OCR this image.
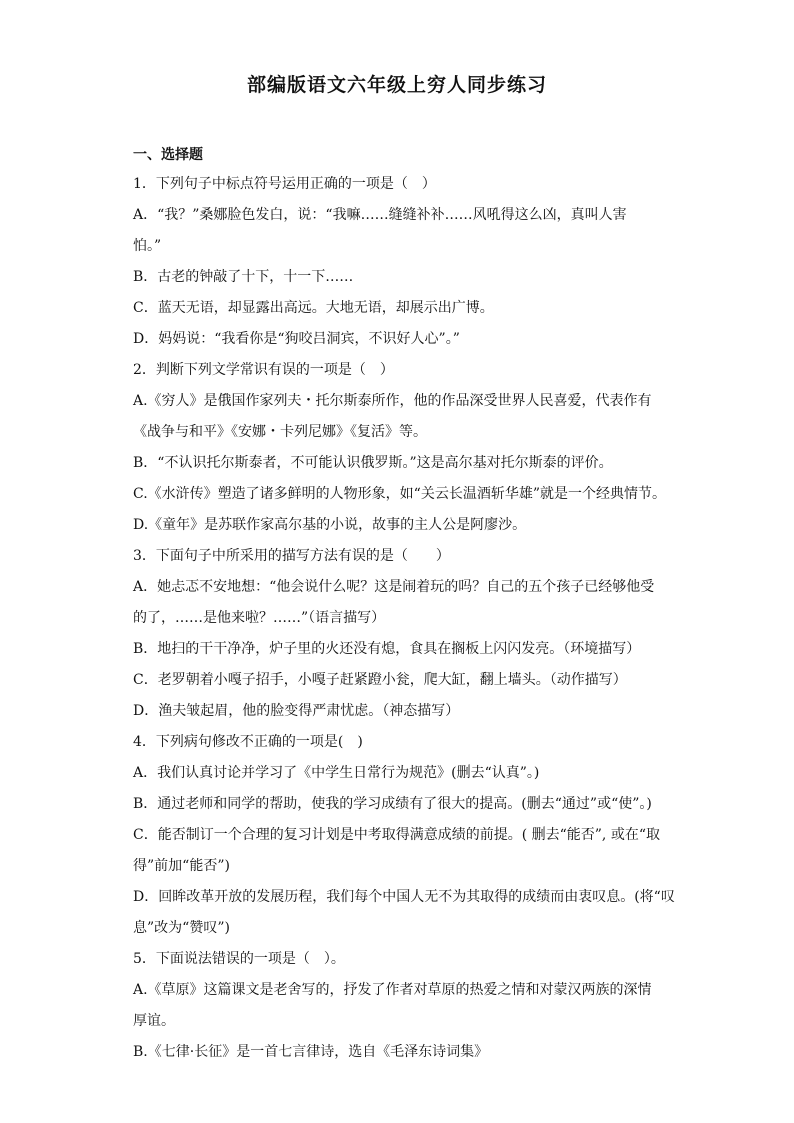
部编版语文六年级上穷人同步练习

一、选择题

1．下列句子中标点符号运用正确的一项是（　）

A．“我？”桑娜脸色发白，说：“我嘛……缝缝补补……风吼得这么凶，真叫人害

怕。”

B．古老的钟敲了十下，十一下……

C．蓝天无语，却显露出高远。大地无语，却展示出广博。

D．妈妈说：“我看你是“狗咬吕洞宾，不识好人心”。”

2．判断下列文学常识有误的一项是（　）

A.《穷人》是俄国作家列夫・托尔斯泰所作，他的作品深受世界人民喜爱，代表作有

《战争与和平》《安娜・卡列尼娜》《复活》等。

B．“不认识托尔斯泰者，不可能认识俄罗斯。”这是高尔基对托尔斯泰的评价。

C.《水浒传》塑造了诸多鲜明的人物形象，如“关云长温酒斩华雄”就是一个经典情节。

D.《童年》是苏联作家高尔基的小说，故事的主人公是阿廖沙。

3．下面句子中所采用的描写方法有误的是（　　）

A．她忐忑不安地想：“他会说什么呢？这是闹着玩的吗？自己的五个孩子已经够他受

的了，……是他来啦？……”（语言描写）

B．地扫的干干净净，炉子里的火还没有熄，食具在搁板上闪闪发亮。（环境描写）

C．老罗朝着小嘎子招手，小嘎子赶紧蹬小瓮，爬大缸，翻上墙头。（动作描写）

D．渔夫皱起眉，他的脸变得严肃忧虑。（神态描写）

4．下列病句修改不正确的一项是(　)

A．我们认真讨论并学习了《中学生日常行为规范》(删去“认真”。)

B．通过老师和同学的帮助，使我的学习成绩有了很大的提高。(删去“通过”或“使”。)

C．能否制订一个合理的复习计划是中考取得满意成绩的前提。( 删去“能否”, 或在“取

得”前加“能否”)

D．回眸改革开放的发展历程，我们每个中国人无不为其取得的成绩而由衷叹息。(将“叹

息”改为“赞叹”)

5．下面说法错误的一项是（　）。

A.《草原》这篇课文是老舍写的，抒发了作者对草原的热爱之情和对蒙汉两族的深情

厚谊。

B.《七律·长征》是一首七言律诗，选自《毛泽东诗词集》
